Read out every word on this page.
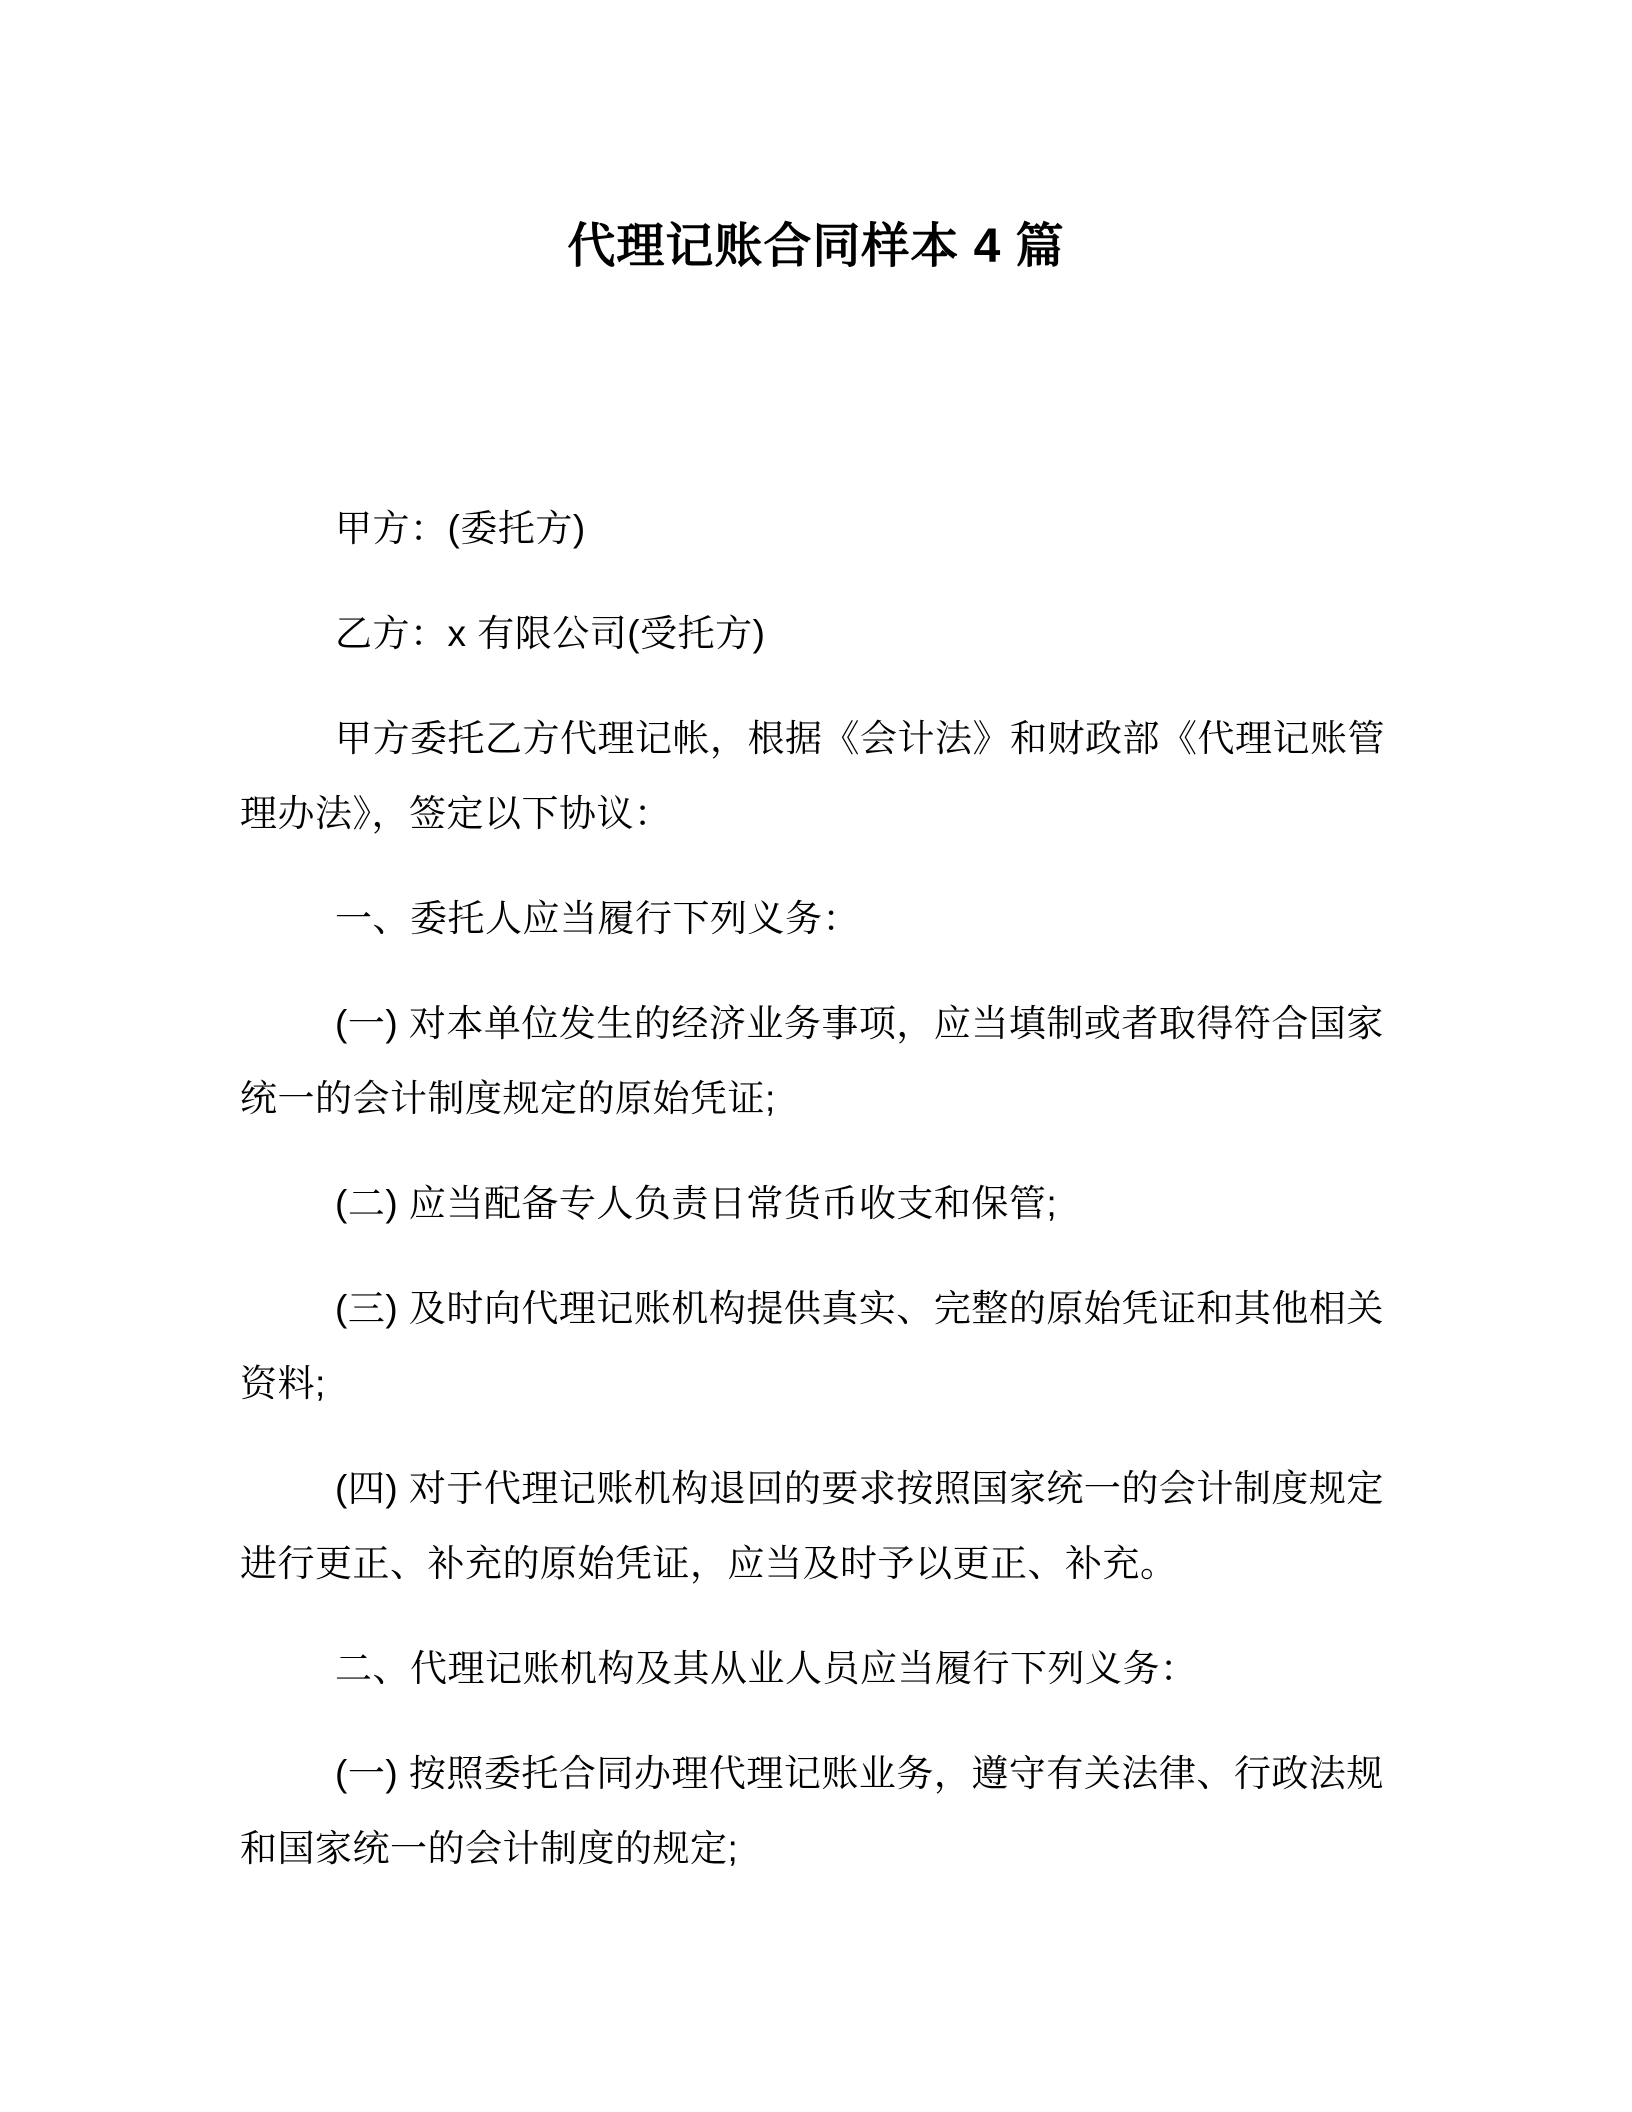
代理记账合同样本 4 篇
甲方：(委托方)
乙方：x 有限公司(受托方)
甲方委托乙方代理记帐，根据《会计法》和财政部《代理记账管
理办法》，签定以下协议：
一、委托人应当履行下列义务：
(一) 对本单位发生的经济业务事项，应当填制或者取得符合国家
统一的会计制度规定的原始凭证;
(二) 应当配备专人负责日常货币收支和保管;
(三) 及时向代理记账机构提供真实、完整的原始凭证和其他相关
资料;
(四) 对于代理记账机构退回的要求按照国家统一的会计制度规定
进行更正、补充的原始凭证，应当及时予以更正、补充。
二、代理记账机构及其从业人员应当履行下列义务：
(一) 按照委托合同办理代理记账业务，遵守有关法律、行政法规
和国家统一的会计制度的规定;
